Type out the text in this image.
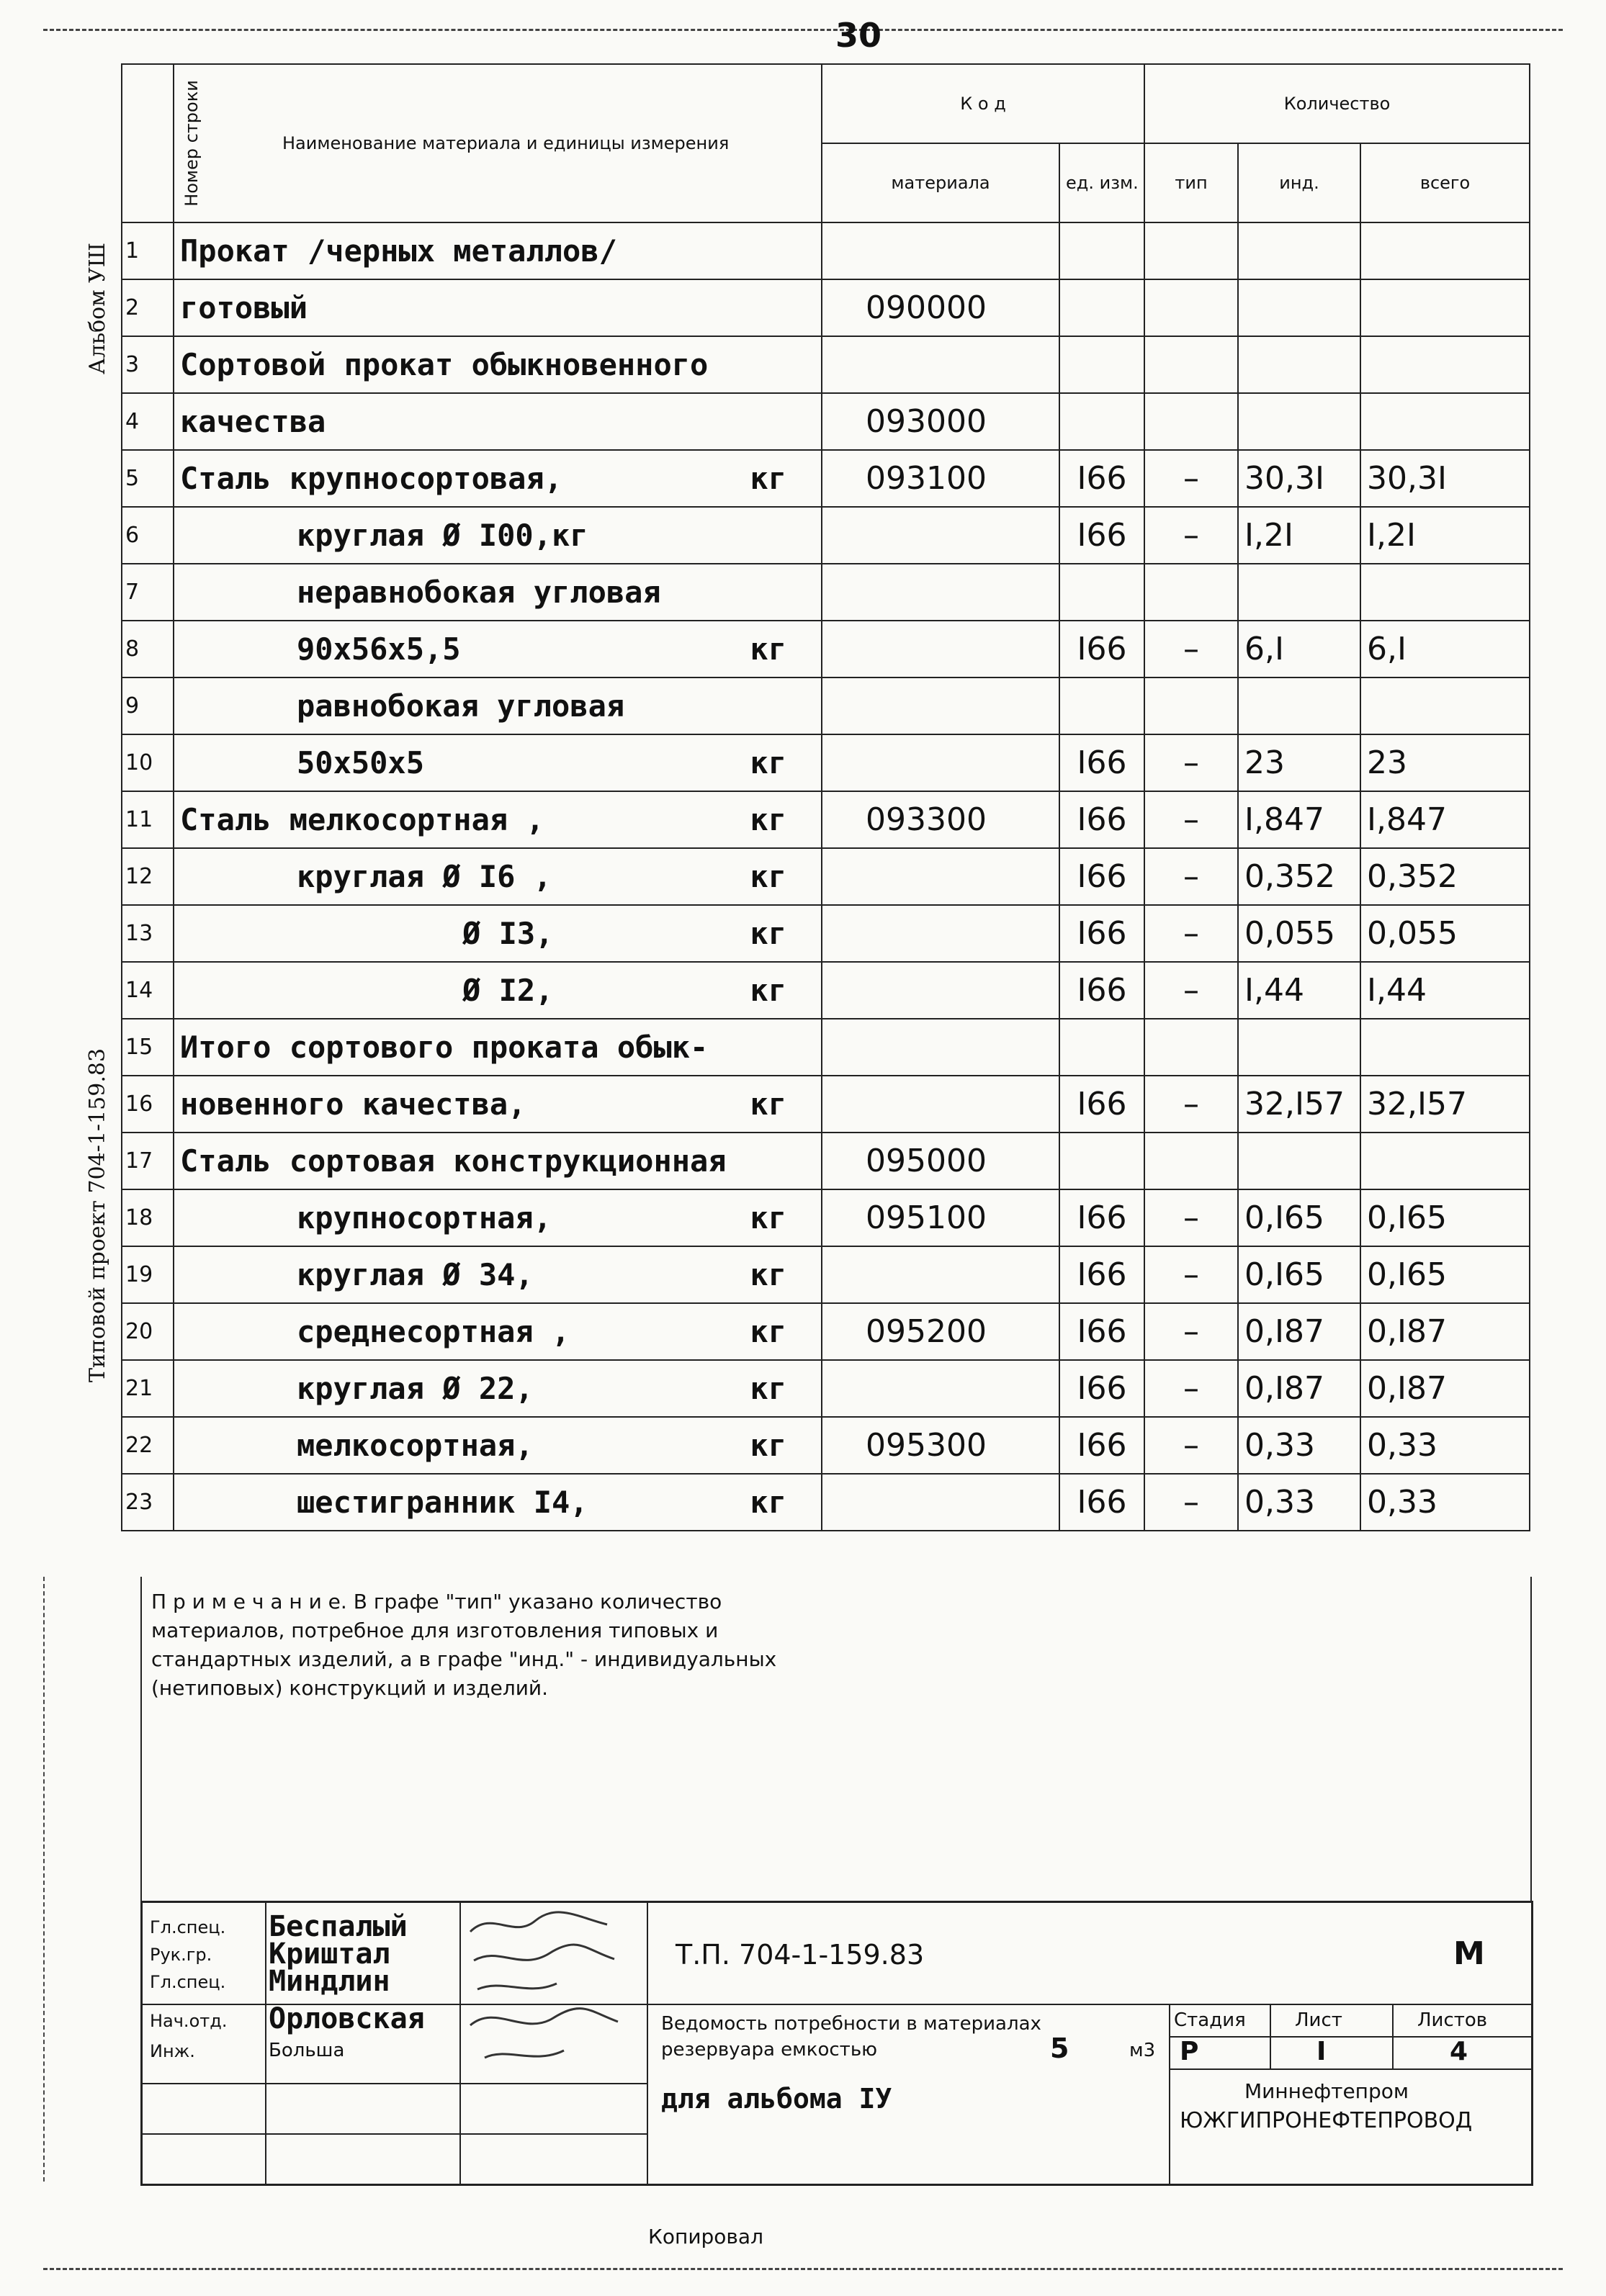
30
Альбом УШ
Типовой проект 704-1-159.83
Номер строки	Наименование материала и единицы измерения	К о д		Количество		
		материала	ед. изм.	тип	инд.	всего
1	Прокат /черных металлов/

2	готовый	090000				
3	Сортовой прокат обыкновенного

4	качества	093000				
5	Сталь крупносортовая, кг	093100	I66	–	30,3I	30,3I
6	круглая Ø I00,кг		I66	–	I,2I	I,2I
7	неравнобокая угловая

8	90x56x5,5 кг		I66	–	6,I	6,I
9	равнобокая угловая

10	50x50x5 кг		I66	–	23	23
11	Сталь мелкосортная , кг	093300	I66	–	I,847	I,847
12	круглая Ø I6 , кг		I66	–	0,352	0,352
13	Ø I3, кг		I66	–	0,055	0,055
14	Ø I2, кг		I66	–	I,44	I,44
15	Итого сортового проката обык-

16	новенного качества, кг		I66	–	32,I57	32,I57
17	Сталь сортовая конструкционная	095000				
18	крупносортная, кг	095100	I66	–	0,I65	0,I65
19	круглая Ø 34, кг		I66	–	0,I65	0,I65
20	среднесортная , кг	095200	I66	–	0,I87	0,I87
21	круглая Ø 22, кг		I66	–	0,I87	0,I87
22	мелкосортная, кг	095300	I66	–	0,33	0,33
23	шестигранник I4, кг		I66	–	0,33	0,33
П р и м е ч а н и е. В графе "тип" указано количество материалов, потребное для изготовления типовых и стандартных изделий, а в графе "инд." - индивидуальных (нетиповых) конструкций и изделий.
Гл.спец. Беспалый
Рук.гр. Криштал
Гл.спец. Миндлин
Нач.отд. Орловская
Инж.	Больша
Т.П. 704-1-159.83	М
Ведомость потребности в материалах резервуара емкостью	5	м3
для альбома IУ
Стадия	Лист	Листов
Р	I	4
Миннефтепром
ЮЖГИПРОНЕФТЕПРОВОД
Копировал
